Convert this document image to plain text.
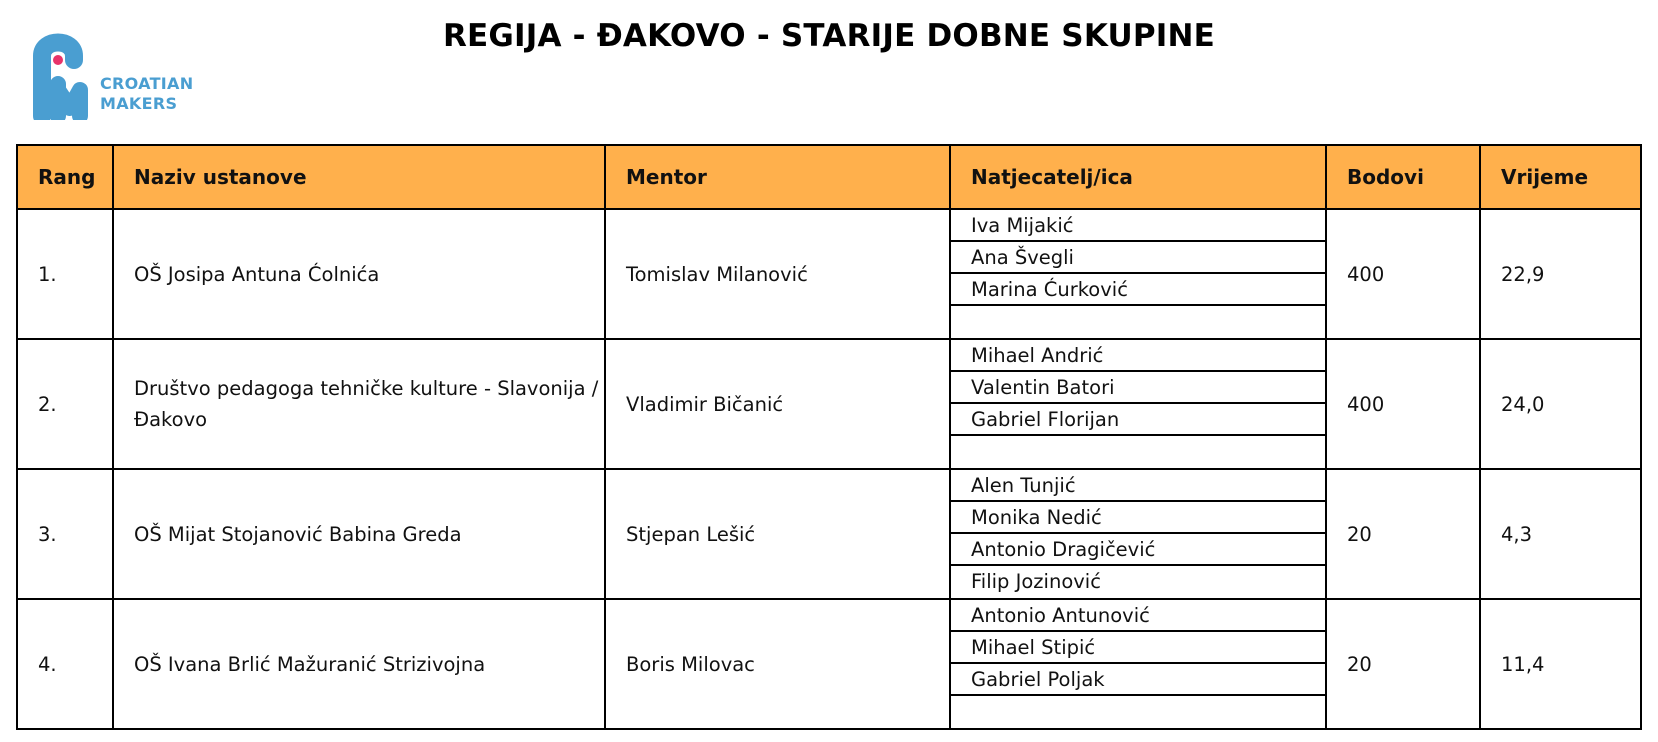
CROATIAN
MAKERS
REGIJA - ĐAKOVO - STARIJE DOBNE SKUPINE
Rang	Naziv ustanove	Mentor	Natjecatelj/ica	Bodovi	Vrijeme
1.	OŠ Josipa Antuna Ćolnića	Tomislav Milanović	Iva Mijakić
Ana Švegli
Marina Ćurković	400	22,9
2.	Društvo pedagoga tehničke kulture - Slavonija / Đakovo	Vladimir Bičanić	Mihael Andrić
Valentin Batori
Gabriel Florijan	400	24,0
3.	OŠ Mijat Stojanović Babina Greda	Stjepan Lešić	Alen Tunjić
Monika Nedić
Antonio Dragičević
Filip Jozinović	20	4,3
4.	OŠ Ivana Brlić Mažuranić Strizivojna	Boris Milovac	Antonio Antunović
Mihael Stipić
Gabriel Poljak	20	11,4
